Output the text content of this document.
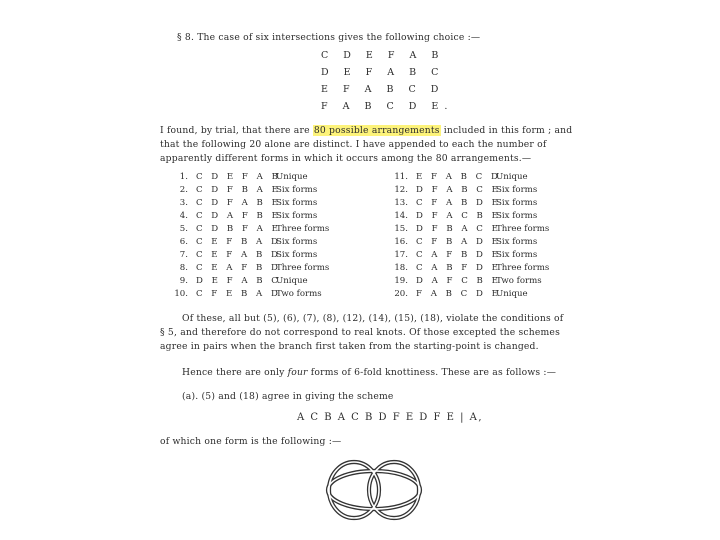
§ 8. The case of six intersections gives the following choice :—
C D E F A B
D E F A B C
E F A B C D
F A B C D E.
I found, by trial, that there are 80 possible arrangements included in this form ; and
that the following 20 alone are distinct. I have appended to each the number of
apparently different forms in which it occurs among the 80 arrangements.—
1. C D E F A BUnique
2. C D F B A ESix forms
3. C D F A B ESix forms
4. C D A F B ESix forms
5. C D B F A EThree forms
6. C E F B A DSix forms
7. C E F A B DSix forms
8. C E A F B DThree forms
9. D E F A B CUnique
10. C F E B A DTwo forms
11. E F A B C DUnique
12. D F A B C ESix forms
13. C F A B D ESix forms
14. D F A C B ESix forms
15. D F B A C EThree forms
16. C F B A D ESix forms
17. C A F B D ESix forms
18. C A B F D EThree forms
19. D A F C B ETwo forms
20. F A B C D EUnique
Of these, all but (5), (6), (7), (8), (12), (14), (15), (18), violate the conditions of
§ 5, and therefore do not correspond to real knots. Of those excepted the schemes
agree in pairs when the branch first taken from the starting-point is changed.
Hence there are only four forms of 6-fold knottiness. These are as follows :—
(a). (5) and (18) agree in giving the scheme
A C B A C B D F E D F E | A,
of which one form is the following :—
